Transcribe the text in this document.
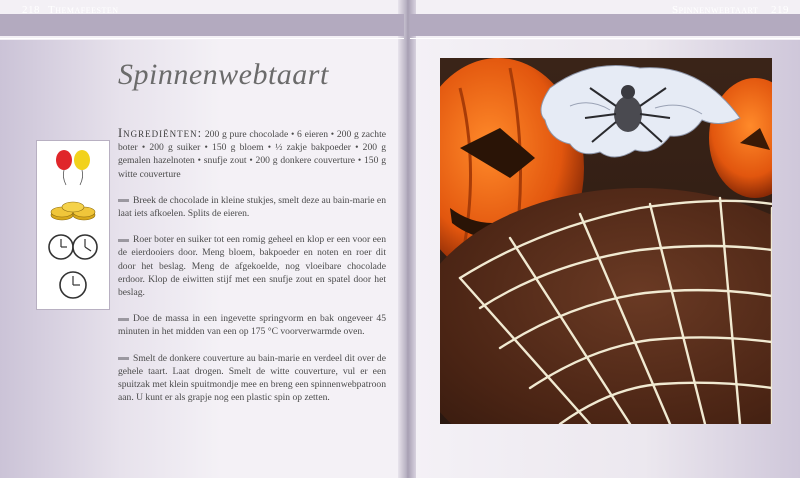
218 Themafeesten	Spinnenwebtaart 219
Spinnenwebtaart

Ingrediënten: 200 g pure chocolade • 6 eieren • 200 g zachte boter • 200 g suiker • 150 g bloem • ½ zakje bakpoeder • 200 g gemalen hazelnoten • snufje zout • 200 g donkere couverture • 150 g witte couverture

Breek de chocolade in kleine stukjes, smelt deze au bain-marie en laat iets afkoelen. Splits de eieren.

Roer boter en suiker tot een romig geheel en klop er een voor een de eierdooiers door. Meng bloem, bakpoeder en noten en roer dit door het beslag. Meng de afgekoelde, nog vloeibare chocolade erdoor. Klop de eiwitten stijf met een snufje zout en spatel door het beslag.

Doe de massa in een ingevette springvorm en bak ongeveer 45 minuten in het midden van een op 175 °C voorverwarmde oven.

Smelt de donkere couverture au bain-marie en verdeel dit over de gehele taart. Laat drogen. Smelt de witte couverture, vul er een spuitzak met klein spuitmondje mee en breng een spinnenwebpatroon aan. U kunt er als grapje nog een plastic spin op zetten.
